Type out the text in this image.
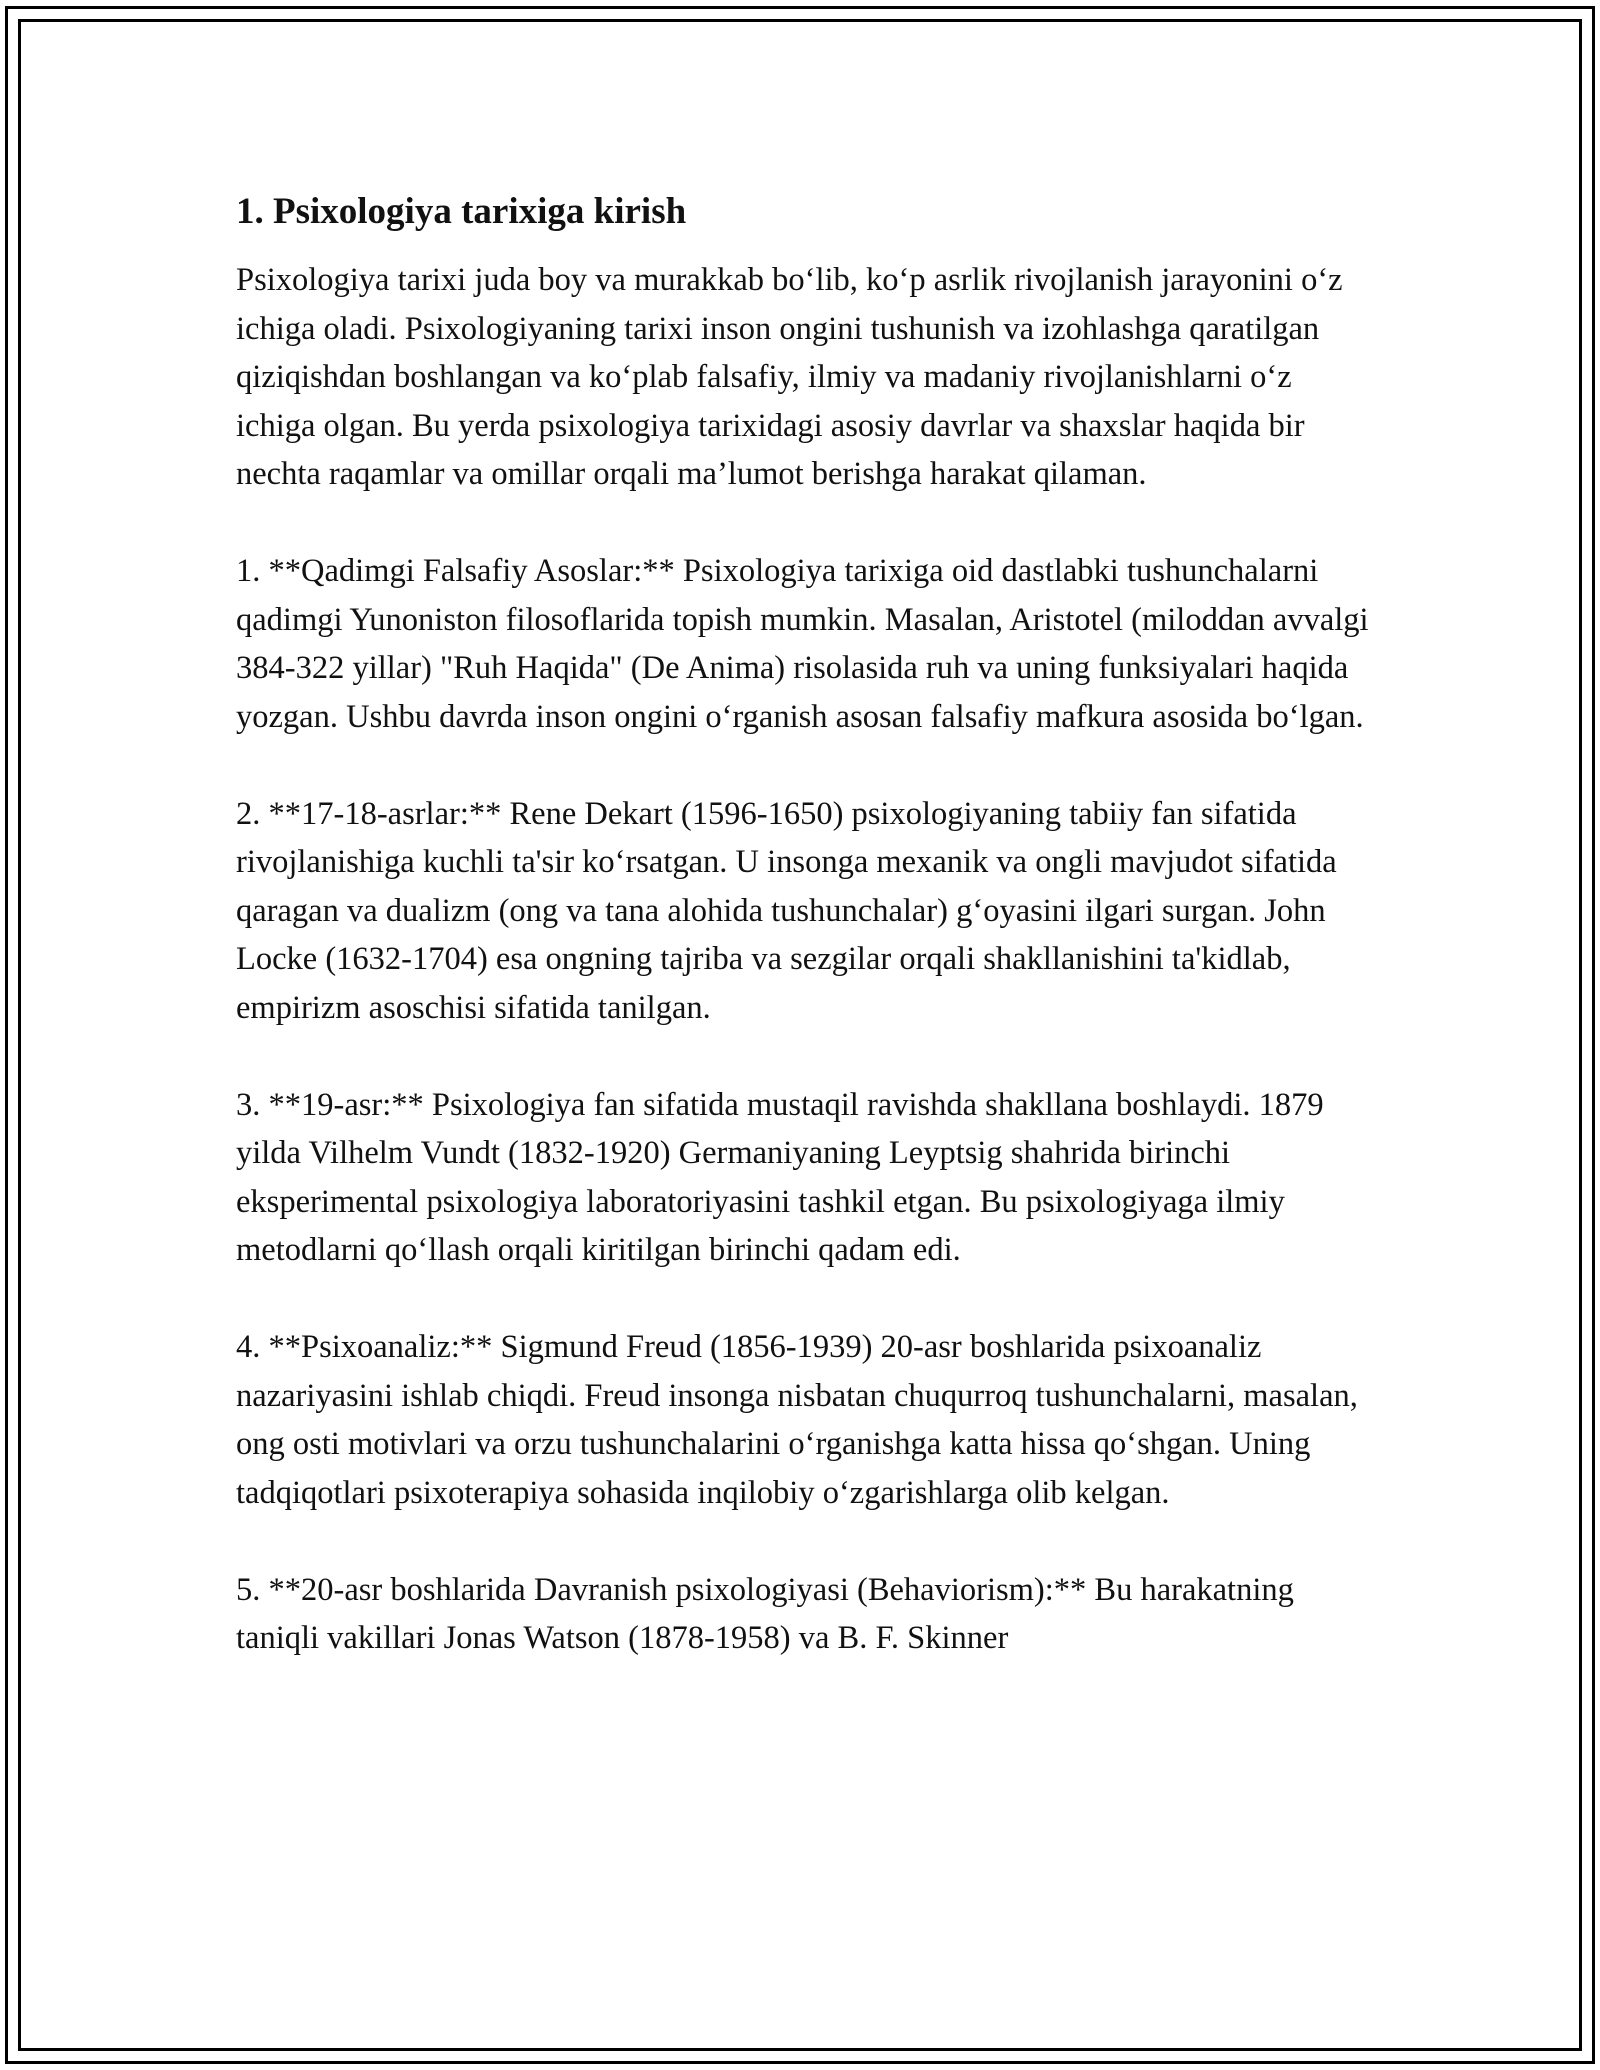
1. Psixologiya tarixiga kirish

Psixologiya tarixi juda boy va murakkab bo‘lib, ko‘p asrlik rivojlanish jarayonini o‘z ichiga oladi. Psixologiyaning tarixi inson ongini tushunish va izohlashga qaratilgan qiziqishdan boshlangan va ko‘plab falsafiy, ilmiy va madaniy rivojlanishlarni o‘z ichiga olgan. Bu yerda psixologiya tarixidagi asosiy davrlar va shaxslar haqida bir nechta raqamlar va omillar orqali ma’lumot berishga harakat qilaman.

1. **Qadimgi Falsafiy Asoslar:** Psixologiya tarixiga oid dastlabki tushunchalarni qadimgi Yunoniston filosoflarida topish mumkin. Masalan, Aristotel (miloddan avvalgi 384-322 yillar) "Ruh Haqida" (De Anima) risolasida ruh va uning funksiyalari haqida yozgan. Ushbu davrda inson ongini o‘rganish asosan falsafiy mafkura asosida bo‘lgan.

2. **17-18-asrlar:** Rene Dekart (1596-1650) psixologiyaning tabiiy fan sifatida rivojlanishiga kuchli ta'sir ko‘rsatgan. U insonga mexanik va ongli mavjudot sifatida qaragan va dualizm (ong va tana alohida tushunchalar) g‘oyasini ilgari surgan. John Locke (1632-1704) esa ongning tajriba va sezgilar orqali shakllanishini ta'kidlab, empirizm asoschisi sifatida tanilgan.

3. **19-asr:** Psixologiya fan sifatida mustaqil ravishda shakllana boshlaydi. 1879 yilda Vilhelm Vundt (1832-1920) Germaniyaning Leyptsig shahrida birinchi eksperimental psixologiya laboratoriyasini tashkil etgan. Bu psixologiyaga ilmiy metodlarni qo‘llash orqali kiritilgan birinchi qadam edi.

4. **Psixoanaliz:** Sigmund Freud (1856-1939) 20-asr boshlarida psixoanaliz nazariyasini ishlab chiqdi. Freud insonga nisbatan chuqurroq tushunchalarni, masalan, ong osti motivlari va orzu tushunchalarini o‘rganishga katta hissa qo‘shgan. Uning tadqiqotlari psixoterapiya sohasida inqilobiy o‘zgarishlarga olib kelgan.

5. **20-asr boshlarida Davranish psixologiyasi (Behaviorism):** Bu harakatning taniqli vakillari Jonas Watson (1878-1958) va B. F. Skinner
